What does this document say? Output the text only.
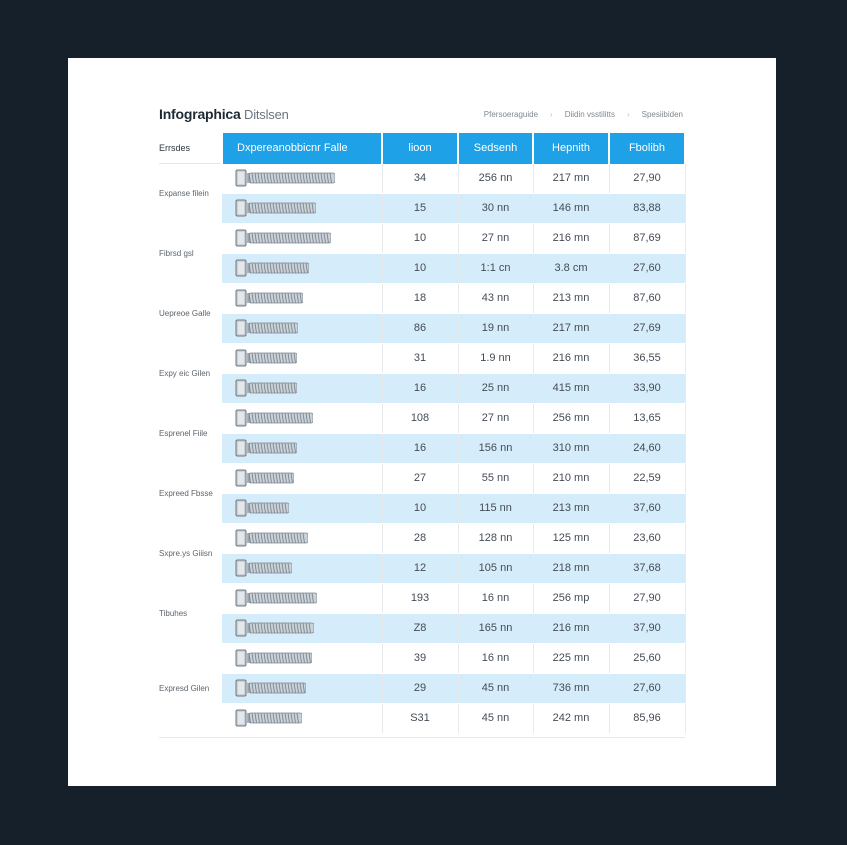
Infographica Ditslsen	Pfersoeraguide › Diidin vsstilitts › Spesiibiden
Errsdes	Dxpereanobbicnr Falle	lioon	Sedsenh	Hepnith	Fbolibh
Expanse filein		34	256 nn	217 mn	27,90

	15	30 nn	146 mn	83,88
Fibrsd gsl		10	27 nn	216 mn	87,69

	10	1:1 cn	3.8 cm	27,60
Uepreoe Galle		18	43 nn	213 mn	87,60

	86	19 nn	217 mn	27,69
Expy eic Gilen		31	1.9 nn	216 mn	36,55

	16	25 nn	415 mn	33,90
Esprenel Fiile		108	27 nn	256 mn	13,65

	16	156 nn	310 mn	24,60
Expreed Fbsse		27	55 nn	210 mn	22,59

	10	115 nn	213 mn	37,60
Sxpre.ys Giiisn		28	128 nn	125 mn	23,60

	12	105 nn	218 mn	37,68
Tibuhes		193	16 nn	256 mp	27,90

	Z8	165 nn	216 mn	37,90
Expresd Gilen		39	16 nn	225 mn	25,60

	29	45 nn	736 mn	27,60

	S31	45 nn	242 mn	85,96
